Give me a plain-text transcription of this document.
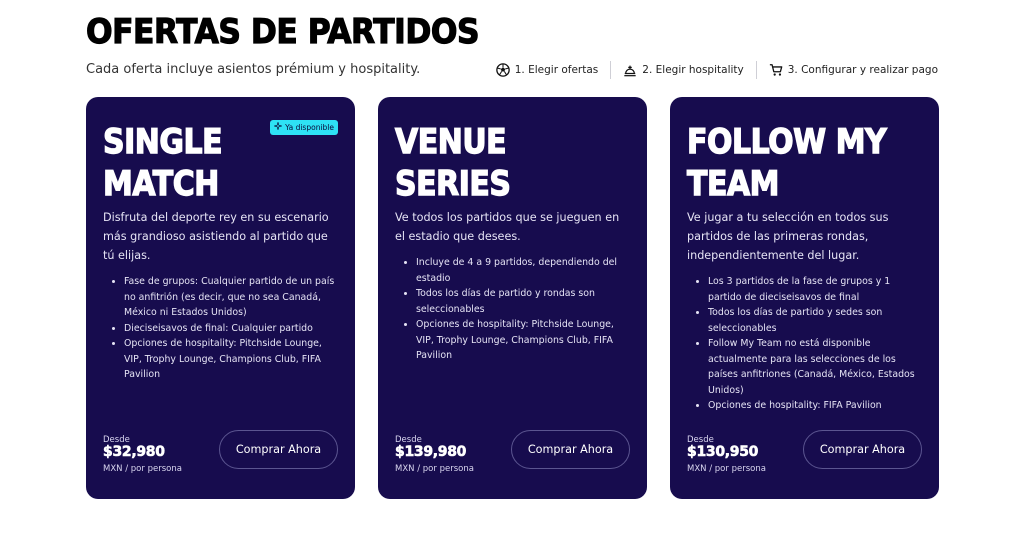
OFERTAS DE PARTIDOS

Cada oferta incluye asientos prémium y hospitality.	1. Elegir ofertas	2. Elegir hospitality	3. Configurar y realizar pago
Ya disponible
SINGLE
MATCH

Disfruta del deporte rey en su escenario más grandioso asistiendo al partido que tú elijas.

• Fase de grupos: Cualquier partido de un país no anfitrión (es decir, que no sea Canadá, México ni Estados Unidos)
• Dieciseisavos de final: Cualquier partido
• Opciones de hospitality: Pitchside Lounge, VIP, Trophy Lounge, Champions Club, FIFA Pavilion
Desde
$32,980
MXN / por persona
Comprar Ahora
VENUE
SERIES

Ve todos los partidos que se jueguen en el estadio que desees.

• Incluye de 4 a 9 partidos, dependiendo del estadio
• Todos los días de partido y rondas son seleccionables
• Opciones de hospitality: Pitchside Lounge, VIP, Trophy Lounge, Champions Club, FIFA Pavilion
Desde
$139,980
MXN / por persona
Comprar Ahora
FOLLOW MY
TEAM

Ve jugar a tu selección en todos sus partidos de las primeras rondas, independientemente del lugar.

• Los 3 partidos de la fase de grupos y 1 partido de dieciseisavos de final
• Todos los días de partido y sedes son seleccionables
• Follow My Team no está disponible actualmente para las selecciones de los países anfitriones (Canadá, México, Estados Unidos)
• Opciones de hospitality: FIFA Pavilion
Desde
$130,950
MXN / por persona
Comprar Ahora
